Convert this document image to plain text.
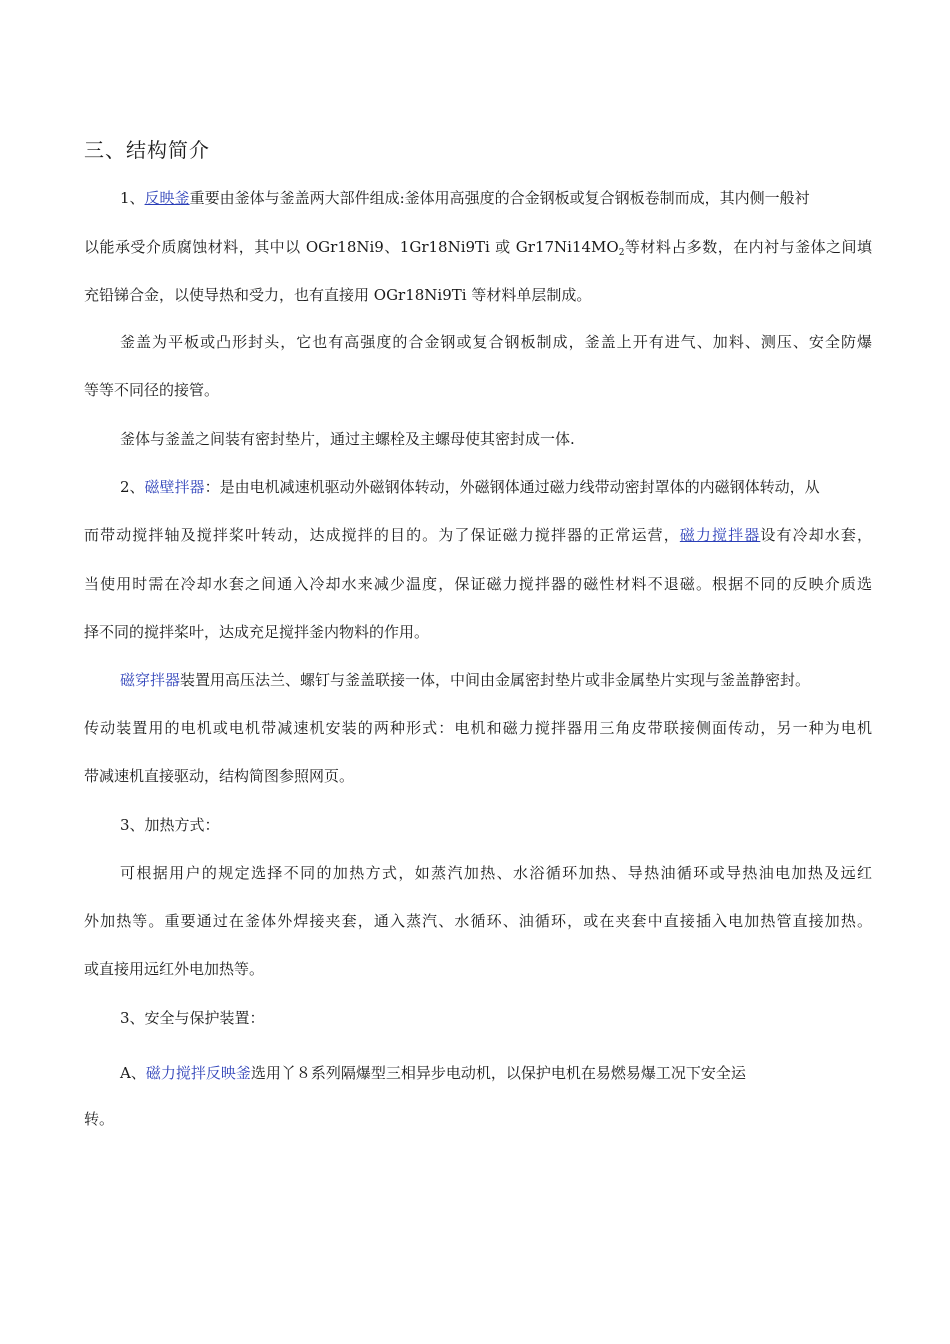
三、结构简介
1、反映釜重要由釜体与釜盖两大部件组成:釜体用高强度的合金钢板或复合钢板卷制而成，其内侧一般衬
以能承受介质腐蚀材料，其中以 OGr18Ni9、1Gr18Ni9Ti 或 $Gr17Ni14MO_2$等材料占多数，在内衬与釜体之间填
充铅锑合金，以使导热和受力，也有直接用 OGr18Ni9Ti 等材料单层制成。
釜盖为平板或凸形封头，它也有高强度的合金钢或复合钢板制成，釜盖上开有进气、加料、测压、安全防爆
等等不同径的接管。
釜体与釜盖之间装有密封垫片，通过主螺栓及主螺母使其密封成一体.
2、磁壁拌器：是由电机减速机驱动外磁钢体转动，外磁钢体通过磁力线带动密封罩体的内磁钢体转动，从
而带动搅拌轴及搅拌桨叶转动，达成搅拌的目的。为了保证磁力搅拌器的正常运营，磁力搅拌器设有冷却水套，
当使用时需在冷却水套之间通入冷却水来减少温度，保证磁力搅拌器的磁性材料不退磁。根据不同的反映介质选
择不同的搅拌桨叶，达成充足搅拌釜内物料的作用。
磁穿拌器装置用高压法兰、螺钉与釜盖联接一体，中间由金属密封垫片或非金属垫片实现与釜盖静密封。
传动装置用的电机或电机带减速机安装的两种形式：电机和磁力搅拌器用三角皮带联接侧面传动，另一种为电机
带减速机直接驱动，结构简图参照网页。
3、加热方式：
可根据用户的规定选择不同的加热方式，如蒸汽加热、水浴循环加热、导热油循环或导热油电加热及远红
外加热等。重要通过在釜体外焊接夹套，通入蒸汽、水循环、油循环，或在夹套中直接插入电加热管直接加热。
或直接用远红外电加热等。
3、安全与保护装置：
A、磁力搅拌反映釜选用丫８系列隔爆型三相异步电动机，以保护电机在易燃易爆工况下安全运
转。
